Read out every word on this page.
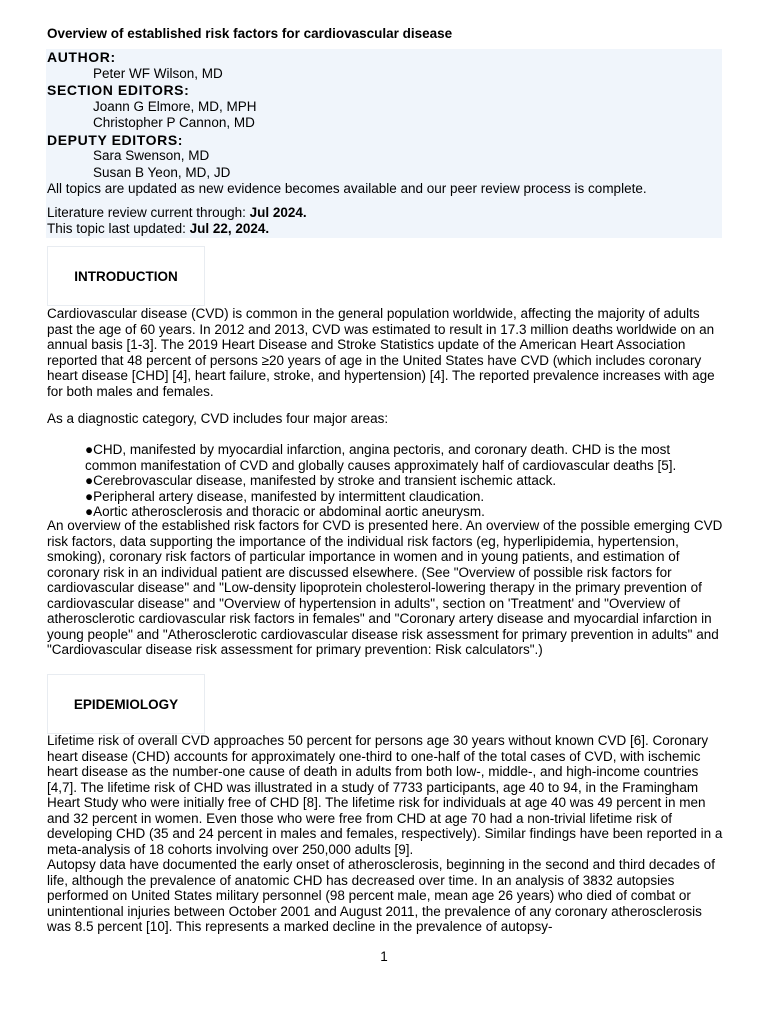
Overview of established risk factors for cardiovascular disease
AUTHOR:
Peter WF Wilson, MD
SECTION EDITORS:
Joann G Elmore, MD, MPH
Christopher P Cannon, MD
DEPUTY EDITORS:
Sara Swenson, MD
Susan B Yeon, MD, JD
All topics are updated as new evidence becomes available and our peer review process is complete.
Literature review current through: Jul 2024.
This topic last updated: Jul 22, 2024.
INTRODUCTION

Cardiovascular disease (CVD) is common in the general population worldwide, affecting the majority of adults past the age of 60 years. In 2012 and 2013, CVD was estimated to result in 17.3 million deaths worldwide on an annual basis [1-3]. The 2019 Heart Disease and Stroke Statistics update of the American Heart Association reported that 48 percent of persons ≥20 years of age in the United States have CVD (which includes coronary heart disease [CHD] [4], heart failure, stroke, and hypertension) [4]. The reported prevalence increases with age for both males and females.

As a diagnostic category, CVD includes four major areas:

●CHD, manifested by myocardial infarction, angina pectoris, and coronary death. CHD is the most common manifestation of CVD and globally causes approximately half of cardiovascular deaths [5].
●Cerebrovascular disease, manifested by stroke and transient ischemic attack.
●Peripheral artery disease, manifested by intermittent claudication.
●Aortic atherosclerosis and thoracic or abdominal aortic aneurysm.

An overview of the established risk factors for CVD is presented here. An overview of the possible emerging CVD risk factors, data supporting the importance of the individual risk factors (eg, hyperlipidemia, hypertension, smoking), coronary risk factors of particular importance in women and in young patients, and estimation of coronary risk in an individual patient are discussed elsewhere. (See "Overview of possible risk factors for cardiovascular disease" and "Low-density lipoprotein cholesterol-lowering therapy in the primary prevention of cardiovascular disease" and "Overview of hypertension in adults", section on 'Treatment' and "Overview of atherosclerotic cardiovascular risk factors in females" and "Coronary artery disease and myocardial infarction in young people" and "Atherosclerotic cardiovascular disease risk assessment for primary prevention in adults" and "Cardiovascular disease risk assessment for primary prevention: Risk calculators".)

EPIDEMIOLOGY

Lifetime risk of overall CVD approaches 50 percent for persons age 30 years without known CVD [6]. Coronary heart disease (CHD) accounts for approximately one-third to one-half of the total cases of CVD, with ischemic heart disease as the number-one cause of death in adults from both low-, middle-, and high-income countries [4,7]. The lifetime risk of CHD was illustrated in a study of 7733 participants, age 40 to 94, in the Framingham Heart Study who were initially free of CHD [8]. The lifetime risk for individuals at age 40 was 49 percent in men and 32 percent in women. Even those who were free from CHD at age 70 had a non-trivial lifetime risk of developing CHD (35 and 24 percent in males and females, respectively). Similar findings have been reported in a meta-analysis of 18 cohorts involving over 250,000 adults [9].

Autopsy data have documented the early onset of atherosclerosis, beginning in the second and third decades of life, although the prevalence of anatomic CHD has decreased over time. In an analysis of 3832 autopsies performed on United States military personnel (98 percent male, mean age 26 years) who died of combat or unintentional injuries between October 2001 and August 2011, the prevalence of any coronary atherosclerosis was 8.5 percent [10]. This represents a marked decline in the prevalence of autopsy-

1
